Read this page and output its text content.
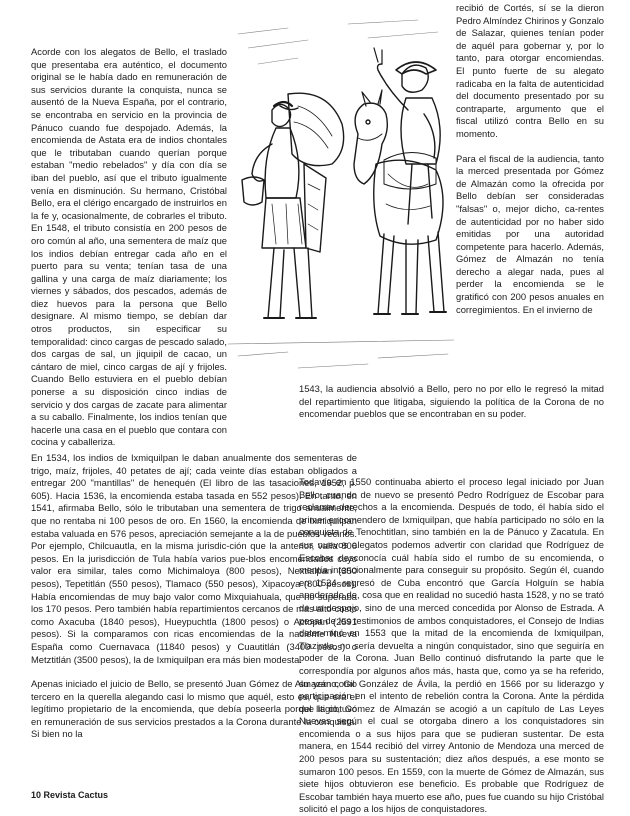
Acorde con los alegatos de Bello, el traslado que presentaba era auténtico, el documento original se le había dado en remuneración de sus servicios durante la conquista, nunca se ausentó de la Nueva España, por el contrario, se encontraba en servicio en la provincia de Pánuco cuando fue despojado. Además, la encomienda de Astata era de indios chontales que le tributaban cuando querían porque estaban "medio rebelados" y día con día se iban del pueblo, así que el tributo igualmente venía en disminución. Su hermano, Cristóbal Bello, era el clérigo encargado de instruirlos en la fe y, ocasionalmente, de cobrarles el tributo. En 1548, el tributo consistía en 200 pesos de oro común al año, una sementera de maíz que los indios debían entregar cada año en el puerto para su venta; tenían tasa de una gallina y una carga de maíz diariamente; los viernes y sábados, dos pescados, además de diez huevos para la persona que Bello designare. Al mismo tiempo, se debían dar otros productos, sin especificar su temporalidad: cinco cargas de pescado salado, dos cargas de sal, un jiquipil de cacao, un cántaro de miel, cinco cargas de ají y frijoles. Cuando Bello estuviera en el pueblo debían ponerse a su disposición cinco indias de servicio y dos cargas de zacate para alimentar a su caballo. Finalmente, los indios tenían que hacerle una casa en el pueblo que contara con cocina y caballeriza.

En 1534, los indios de Ixmiquilpan le daban anualmente dos sementeras de trigo, maíz, frijoles, 40 petates de ají; cada veinte días estaban obligados a entregar 200 "mantillas" de henequén (El libro de las tasaciones, 1952, p. 605). Hacia 1536, la encomienda estaba tasada en 552 pesos). En tanto, en 1541, afirmaba Bello, sólo le tributaban una sementera de trigo anualmente, que no rentaba ni 100 pesos de oro. En 1560, la encomienda de Ixmiquilpan estaba valuada en 576 pesos, apreciación semejante a la de pueblos vecinos. Por ejemplo, Chilcuautla, en la misma jurisdic-ción que la anterior, valía 800 pesos. En la jurisdicción de Tula había varios pue-blos encomendados cuyo valor era similar, tales como Michimaloya (800 pesos), Nextlalpan (350 pesos), Tepetitlán (550 pesos), Tlamaco (550 pesos), Xipacoya (800 pesos). Había encomiendas de muy bajo valor como Mixquiahuala, que no superaba los 170 pesos. Pero también había repartimientos cercanos de más alto costo como Axacuba (1840 pesos), Hueypuchtla (1800 pesos) o Actopan (2591 pesos). Si la comparamos con ricas encomiendas de la naciente Nueva España como Cuernavaca (11840 pesos) y Cuautitlán (3400 pesos) o Metztitlán (3500 pesos), la de Ixmiquilpan era más bien modesta.

Apenas iniciado el juicio de Bello, se presentó Juan Gómez de Almazán como tercero en la querella alegando casi lo mismo que aquél, esto es, que era el legítimo propietario de la encomienda, que debía poseerla porque la obtuvo en remuneración de sus servicios prestados a la Corona durante la conquista. Si bien no la

recibió de Cortés, sí se la dieron Pedro Almíndez Chirinos y Gonzalo de Salazar, quienes tenían poder de aquél para gobernar y, por lo tanto, para otorgar encomiendas. El punto fuerte de su alegato radicaba en la falta de autenticidad del documento presentado por su contraparte, argumento que el fiscal utilizó contra Bello en su momento.

Para el fiscal de la audiencia, tanto la merced presentada por Gómez de Almazán como la ofrecida por Bello debían ser consideradas "falsas" o, mejor dicho, ca-rentes de autenticidad por no haber sido emitidas por una autoridad competente para hacerlo. Además, Gómez de Almazán no tenía derecho a alegar nada, pues al perder la encomienda se le gratificó con 200 pesos anuales en corregimientos. En el invierno de

1543, la audiencia absolvió a Bello, pero no por ello le regresó la mitad del repartimiento que litigaba, siguiendo la política de la Corona de no encomendar pueblos que se encontraban en su poder.

Todavía en 1550 continuaba abierto el proceso legal iniciado por Juan Bello, cuando de nuevo se presentó Pedro Rodríguez de Escobar para reclamar derechos a la encomienda. Después de todo, él había sido el primer encomendero de Ixmiquilpan, que había participado no sólo en la conquista de Tenochtitlan, sino también en la de Pánuco y Zacatula. En sus nuevos alegatos podemos advertir con claridad que Rodríguez de Escobar desconocía cuál había sido el rumbo de su encomienda, o mentía intencionalmente para conseguir su propósito. Según él, cuando en 1524 regresó de Cuba encontró que García Holguín se había apoderado de, cosa que en realidad no sucedió hasta 1528, y no se trató de un despojo, sino de una merced concedida por Alonso de Estrada. A pesar de los testimonios de ambos conquistadores, el Consejo de Indias deter-minó en 1553 que la mitad de la encomienda de Ixmiquilpan, Tlazintla, no sería devuelta a ningún conquistador, sino que seguiría en poder de la Corona. Juan Bello continuó disfrutando la parte que le correspondía por algunos años más, hasta que, como ya se ha referido, su yerno, Gil González de Ávila, la perdió en 1566 por su liderazgo y participación en el intento de rebelión contra la Corona. Ante la pérdida del litigio, Gómez de Almazán se acogió a un capítulo de Las Leyes Nuevas según el cual se otorgaba dinero a los conquistadores sin encomienda o a sus hijos para que se pudieran sustentar. De esta manera, en 1544 recibió del virrey Antonio de Mendoza una merced de 200 pesos para su sustentación; diez años después, a ese monto se sumaron 100 pesos. En 1559, con la muerte de Gómez de Almazán, sus siete hijos obtuvieron ese beneficio. Es probable que Rodríguez de Escobar también haya muerto ese año, pues fue cuando su hijo Cristóbal solicitó el pago a los hijos de conquistadores.

10 Revista Cactus
